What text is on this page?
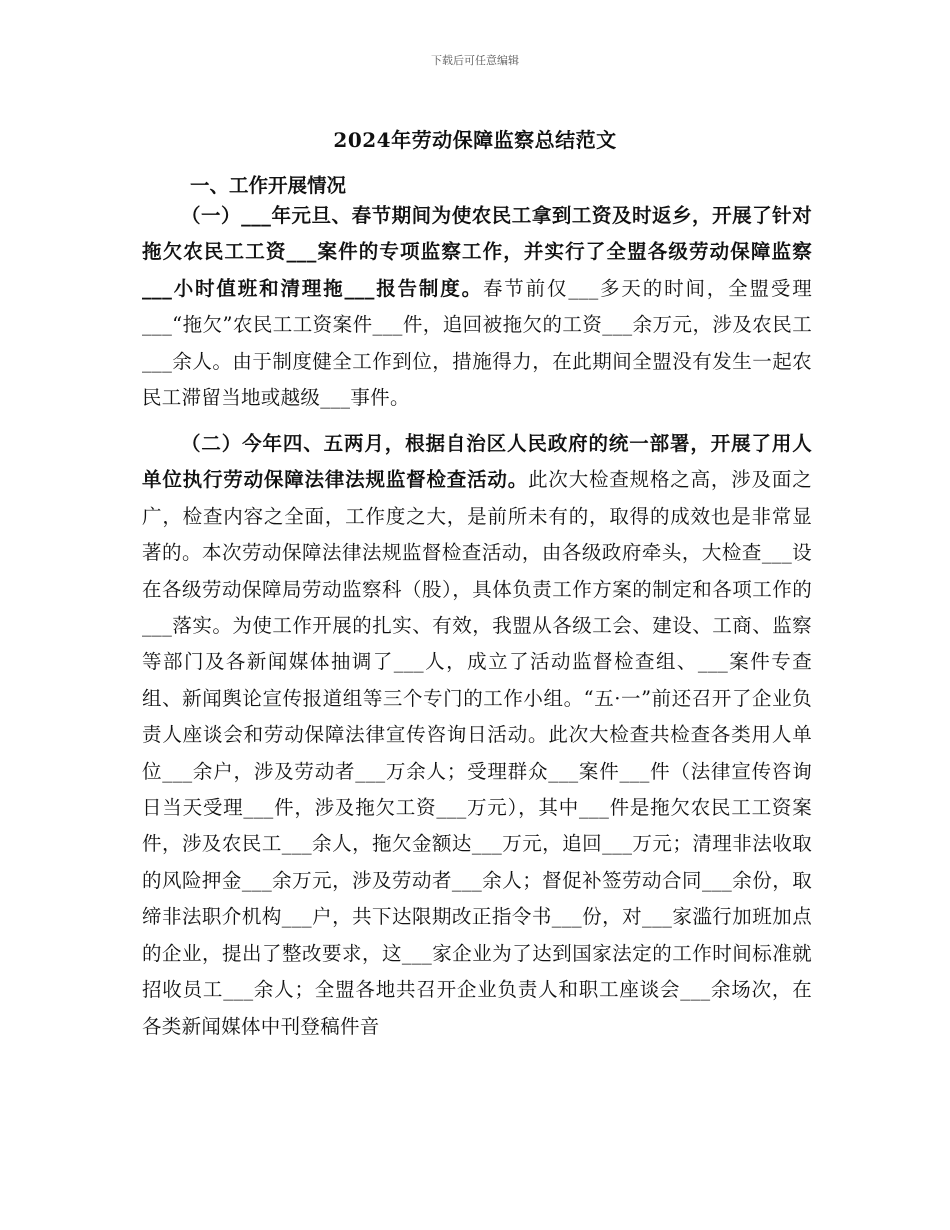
下载后可任意编辑
2024年劳动保障监察总结范文
一、工作开展情况

（一）___年元旦、春节期间为使农民工拿到工资及时返乡，开展了针对拖欠农民工工资___案件的专项监察工作，并实行了全盟各级劳动保障监察___小时值班和清理拖___报告制度。春节前仅___多天的时间，全盟受理___“拖欠”农民工工资案件___件，追回被拖欠的工资___余万元，涉及农民工___余人。由于制度健全工作到位，措施得力，在此期间全盟没有发生一起农民工滞留当地或越级___事件。

（二）今年四、五两月，根据自治区人民政府的统一部署，开展了用人单位执行劳动保障法律法规监督检查活动。此次大检查规格之高，涉及面之广，检查内容之全面，工作度之大，是前所未有的，取得的成效也是非常显著的。本次劳动保障法律法规监督检查活动，由各级政府牵头，大检查___设在各级劳动保障局劳动监察科（股），具体负责工作方案的制定和各项工作的___落实。为使工作开展的扎实、有效，我盟从各级工会、建设、工商、监察等部门及各新闻媒体抽调了___人，成立了活动监督检查组、___案件专查组、新闻舆论宣传报道组等三个专门的工作小组。“五·一”前还召开了企业负责人座谈会和劳动保障法律宣传咨询日活动。此次大检查共检查各类用人单位___余户，涉及劳动者___万余人；受理群众___案件___件（法律宣传咨询日当天受理___件，涉及拖欠工资___万元），其中___件是拖欠农民工工资案件，涉及农民工___余人，拖欠金额达___万元，追回___万元；清理非法收取的风险押金___余万元，涉及劳动者___余人；督促补签劳动合同___余份，取缔非法职介机构___户，共下达限期改正指令书___份，对___家滥行加班加点的企业，提出了整改要求，这___家企业为了达到国家法定的工作时间标准就招收员工___余人；全盟各地共召开企业负责人和职工座谈会___余场次，在各类新闻媒体中刊登稿件音
